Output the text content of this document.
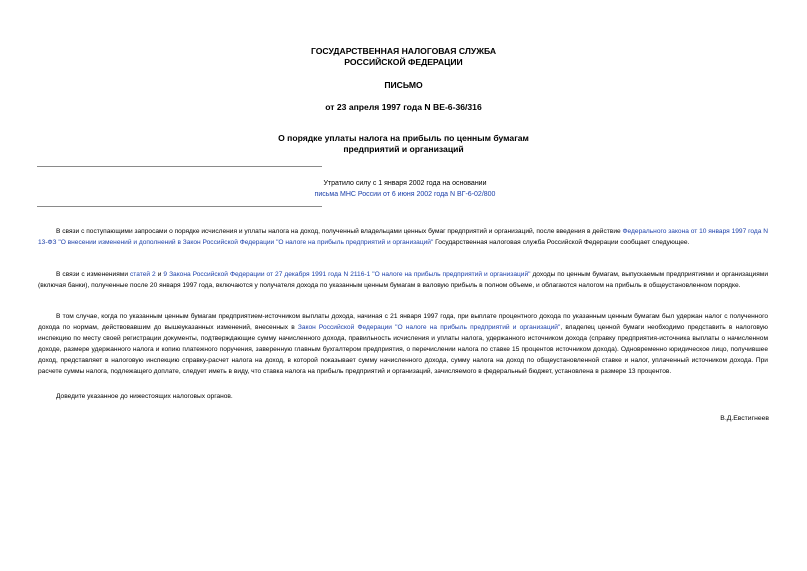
ГОСУДАРСТВЕННАЯ НАЛОГОВАЯ СЛУЖБА

РОССИЙСКОЙ ФЕДЕРАЦИИ

ПИСЬМО

от 23 апреля 1997 года N ВЕ-6-36/316

О порядке уплаты налога на прибыль по ценным бумагам

предприятий и организаций

Утратило силу с 1 января 2002 года на основании
письма МНС России от 6 июня 2002 года N ВГ-6-02/800

В связи с поступающими запросами о порядке исчисления и уплаты налога на доход, полученный владельцами ценных бумаг предприятий и организаций, после введения в действие Федерального закона от 10 января 1997 года N 13-ФЗ "О внесении изменений и дополнений в Закон Российской Федерации "О налоге на прибыль предприятий и организаций" Государственная налоговая служба Российской Федерации сообщает следующее.

В связи с изменениями статей 2 и 9 Закона Российской Федерации от 27 декабря 1991 года N 2116-1 "О налоге на прибыль предприятий и организаций" доходы по ценным бумагам, выпускаемым предприятиями и организациями (включая банки), полученные после 20 января 1997 года, включаются у получателя дохода по указанным ценным бумагам в валовую прибыль в полном объеме, и облагаются налогом на прибыль в общеустановленном порядке.

В том случае, когда по указанным ценным бумагам предприятием-источником выплаты дохода, начиная с 21 января 1997 года, при выплате процентного дохода по указанным ценным бумагам был удержан налог с полученного дохода по нормам, действовавшим до вышеуказанных изменений, внесенных в Закон Российской Федерации "О налоге на прибыль предприятий и организаций", владелец ценной бумаги необходимо представить в налоговую инспекцию по месту своей регистрации документы, подтверждающие сумму начисленного дохода, правильность исчисления и уплаты налога, удержанного источником дохода (справку предприятия-источника выплаты о начисленном доходе, размере удержанного налога и копию платежного поручения, заверенную главным бухгалтером предприятия, о перечислении налога по ставке 15 процентов источником дохода). Одновременно юридическое лицо, получившее доход, представляет в налоговую инспекцию справку-расчет налога на доход, в которой показывает сумму начисленного дохода, сумму налога на доход по общеустановленной ставке и налог, уплаченный источником дохода. При расчете суммы налога, подлежащего доплате, следует иметь в виду, что ставка налога на прибыль предприятий и организаций, зачисляемого в федеральный бюджет, установлена в размере 13 процентов.

Доведите указанное до нижестоящих налоговых органов.

В.Д.Евстигнеев
